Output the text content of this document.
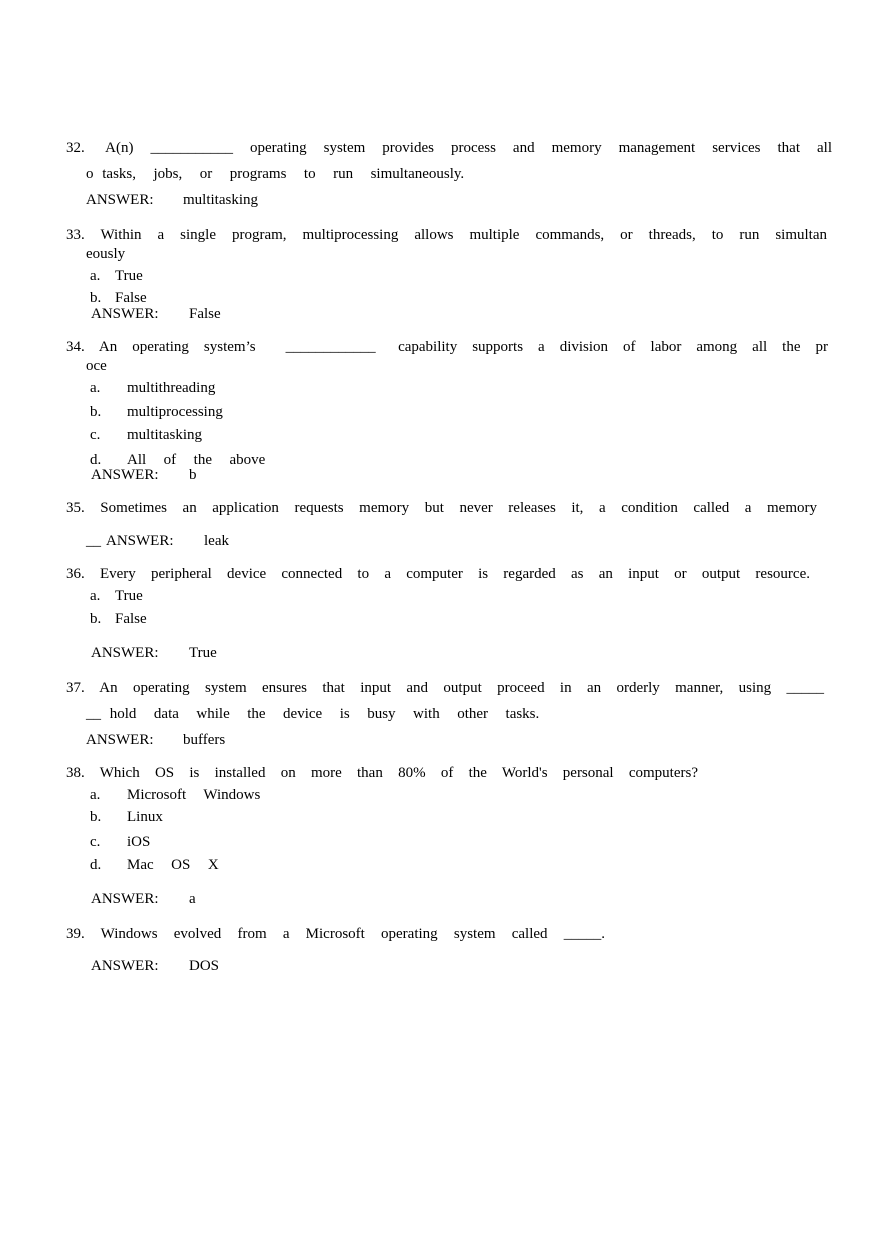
32.     A(n)    ___________    operating    system    provides    process    and    memory    management    services    that    all
o tasks,  jobs,  or  programs  to  run  simultaneously.
ANSWER: multitasking
33.  Within  a  single  program,  multiprocessing  allows  multiple  commands,  or  threads,  to  run  simultan
eously
a. True
b. False
ANSWER: False
34.  An  operating  system’s    ____________   capability  supports  a  division  of  labor  among  all  the  pr
oce
a. multithreading
b. multiprocessing
c. multitasking
d. All  of  the  above
ANSWER: b
35.  Sometimes  an  application  requests  memory  but  never  releases  it,  a  condition  called  a  memory
__ ANSWER: leak
36.  Every  peripheral  device  connected  to  a  computer  is  regarded  as  an  input  or  output  resource.
a. True
b. False
ANSWER: True
37.  An  operating  system  ensures  that  input  and  output  proceed  in  an  orderly  manner,  using  _____
__ hold  data  while  the  device  is  busy  with  other  tasks.
ANSWER: buffers
38.  Which  OS  is  installed  on  more  than  80%  of  the  World's  personal  computers?
a. Microsoft  Windows
b. Linux
c. iOS
d. Mac  OS  X
ANSWER: a
39.  Windows  evolved  from  a  Microsoft  operating  system  called  _____.
ANSWER: DOS
